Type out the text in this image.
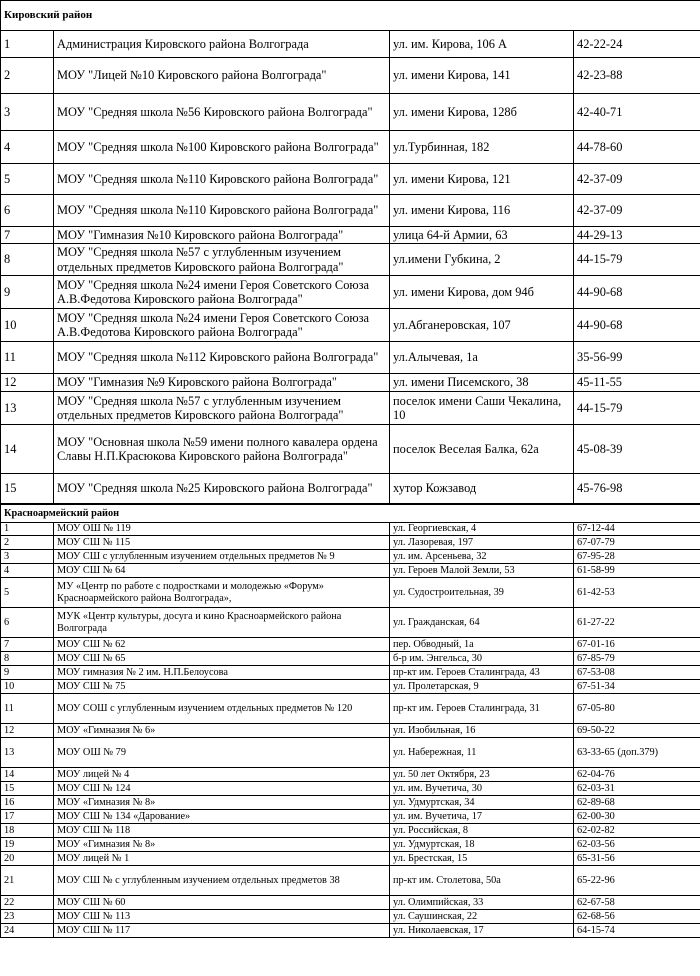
Кировский район			
1	Администрация Кировского района Волгограда	ул. им. Кирова, 106 А	42-22-24
2	МОУ "Лицей №10 Кировского района Волгограда"	ул. имени Кирова, 141	42-23-88
3	МОУ "Средняя школа №56 Кировского района Волгограда"	ул. имени Кирова, 128б	42-40-71
4	МОУ "Средняя школа №100 Кировского района Волгограда"	ул.Турбинная, 182	44-78-60
5	МОУ "Средняя школа №110 Кировского района Волгограда"	ул. имени Кирова, 121	42-37-09
6	МОУ "Средняя школа №110 Кировского района Волгограда"	ул. имени Кирова, 116	42-37-09
7	МОУ "Гимназия №10 Кировского района Волгограда"	улица 64-й Армии, 63	44-29-13
8	МОУ "Средняя школа №57 с углубленным изучением отдельных предметов Кировского района Волгограда"	ул.имени Губкина, 2	44-15-79
9	МОУ "Средняя школа №24 имени Героя Советского Союза А.В.Федотова Кировского района Волгограда"	ул. имени Кирова, дом 94б	44-90-68
10	МОУ "Средняя школа №24 имени Героя Советского Союза А.В.Федотова Кировского района Волгограда"	ул.Абганеровская, 107	44-90-68
11	МОУ "Средняя школа №112 Кировского района Волгограда"	ул.Алычевая, 1а	35-56-99
12	МОУ "Гимназия №9 Кировского района Волгограда"	ул. имени Писемского, 38	45-11-55
13	МОУ "Средняя школа №57 с углубленным изучением отдельных предметов Кировского района Волгограда"	поселок имени Саши Чекалина, 10	44-15-79
14	МОУ "Основная школа №59 имени полного кавалера ордена Славы Н.П.Красюкова Кировского района Волгограда"	поселок Веселая Балка, 62а	45-08-39
15	МОУ "Средняя школа №25 Кировского района Волгограда"	хутор Кожзавод	45-76-98
Красноармейский район			
1	МОУ ОШ № 119	ул. Георгиевская, 4	67-12-44
2	МОУ СШ № 115	ул. Лазоревая, 197	67-07-79
3	МОУ СШ с углубленным изучением отдельных предметов № 9	ул. им. Арсеньева, 32	67-95-28
4	МОУ СШ № 64	ул. Героев Малой Земли, 53	61-58-99
5	МУ «Центр по работе с подростками и молодежью «Форум» Красноармейского района Волгограда»,	ул. Судостроительная, 39	61-42-53
6	МУК «Центр культуры, досуга и кино Красноармейского района Волгограда	ул. Гражданская, 64	61-27-22
7	МОУ СШ № 62	пер. Обводный, 1а	67-01-16
8	МОУ СШ № 65	б-р им. Энгельса, 30	67-85-79
9	МОУ гимназия № 2 им. Н.П.Белоусова	пр-кт им. Героев Сталинграда, 43	67-53-08
10	МОУ СШ № 75	ул. Пролетарская, 9	67-51-34
11	МОУ СОШ с углубленным изучением отдельных предметов № 120	пр-кт им. Героев Сталинграда, 31	67-05-80
12	МОУ «Гимназия № 6»	ул. Изобильная, 16	69-50-22
13	МОУ ОШ № 79	ул. Набережная, 11	63-33-65 (доп.379)
14	МОУ лицей № 4	ул. 50 лет Октября, 23	62-04-76
15	МОУ СШ № 124	ул. им. Вучетича, 30	62-03-31
16	МОУ «Гимназия № 8»	ул. Удмуртская, 34	62-89-68
17	МОУ СШ № 134 «Дарование»	ул. им. Вучетича, 17	62-00-30
18	МОУ СШ № 118	ул. Российская, 8	62-02-82
19	МОУ «Гимназия № 8»	ул. Удмуртская, 18	62-03-56
20	МОУ лицей № 1	ул. Брестская, 15	65-31-56
21	МОУ СШ № с углубленным изучением отдельных предметов 38	пр-кт им. Столетова, 50а	65-22-96
22	МОУ СШ № 60	ул. Олимпийская, 33	62-67-58
23	МОУ СШ № 113	ул. Саушинская, 22	62-68-56
24	МОУ СШ № 117	ул. Николаевская, 17	64-15-74
